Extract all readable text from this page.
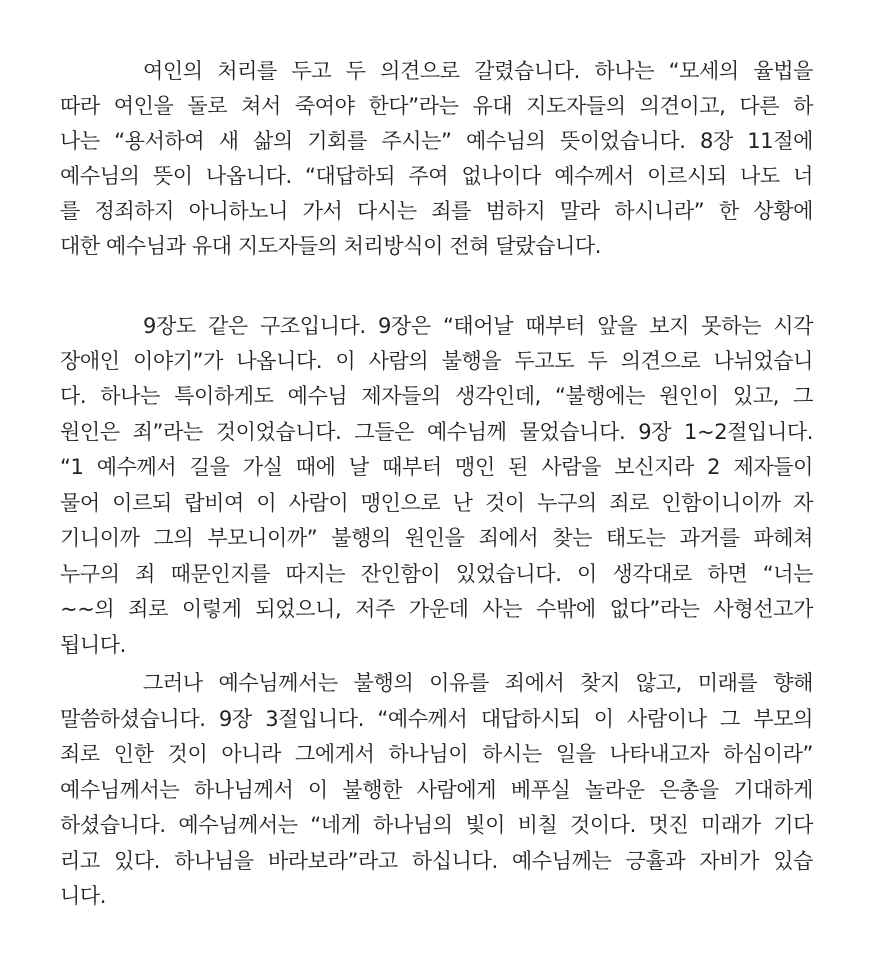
여인의 처리를 두고 두 의견으로 갈렸습니다. 하나는 “모세의 율법을
따라 여인을 돌로 쳐서 죽여야 한다”라는 유대 지도자들의 의견이고, 다른 하
나는 “용서하여 새 삶의 기회를 주시는” 예수님의 뜻이었습니다. 8장 11절에
예수님의 뜻이 나옵니다. “대답하되 주여 없나이다 예수께서 이르시되 나도 너
를 정죄하지 아니하노니 가서 다시는 죄를 범하지 말라 하시니라” 한 상황에
대한 예수님과 유대 지도자들의 처리방식이 전혀 달랐습니다.
9장도 같은 구조입니다. 9장은 “태어날 때부터 앞을 보지 못하는 시각
장애인 이야기”가 나옵니다. 이 사람의 불행을 두고도 두 의견으로 나뉘었습니
다. 하나는 특이하게도 예수님 제자들의 생각인데, “불행에는 원인이 있고, 그
원인은 죄”라는 것이었습니다. 그들은 예수님께 물었습니다. 9장 1~2절입니다.
“1 예수께서 길을 가실 때에 날 때부터 맹인 된 사람을 보신지라 2 제자들이
물어 이르되 랍비여 이 사람이 맹인으로 난 것이 누구의 죄로 인함이니이까 자
기니이까 그의 부모니이까” 불행의 원인을 죄에서 찾는 태도는 과거를 파헤쳐
누구의 죄 때문인지를 따지는 잔인함이 있었습니다. 이 생각대로 하면 “너는
~~의 죄로 이렇게 되었으니, 저주 가운데 사는 수밖에 없다”라는 사형선고가
됩니다.
그러나 예수님께서는 불행의 이유를 죄에서 찾지 않고, 미래를 향해
말씀하셨습니다. 9장 3절입니다. “예수께서 대답하시되 이 사람이나 그 부모의
죄로 인한 것이 아니라 그에게서 하나님이 하시는 일을 나타내고자 하심이라”
예수님께서는 하나님께서 이 불행한 사람에게 베푸실 놀라운 은총을 기대하게
하셨습니다. 예수님께서는 “네게 하나님의 빛이 비칠 것이다. 멋진 미래가 기다
리고 있다. 하나님을 바라보라”라고 하십니다. 예수님께는 긍휼과 자비가 있습
니다.
